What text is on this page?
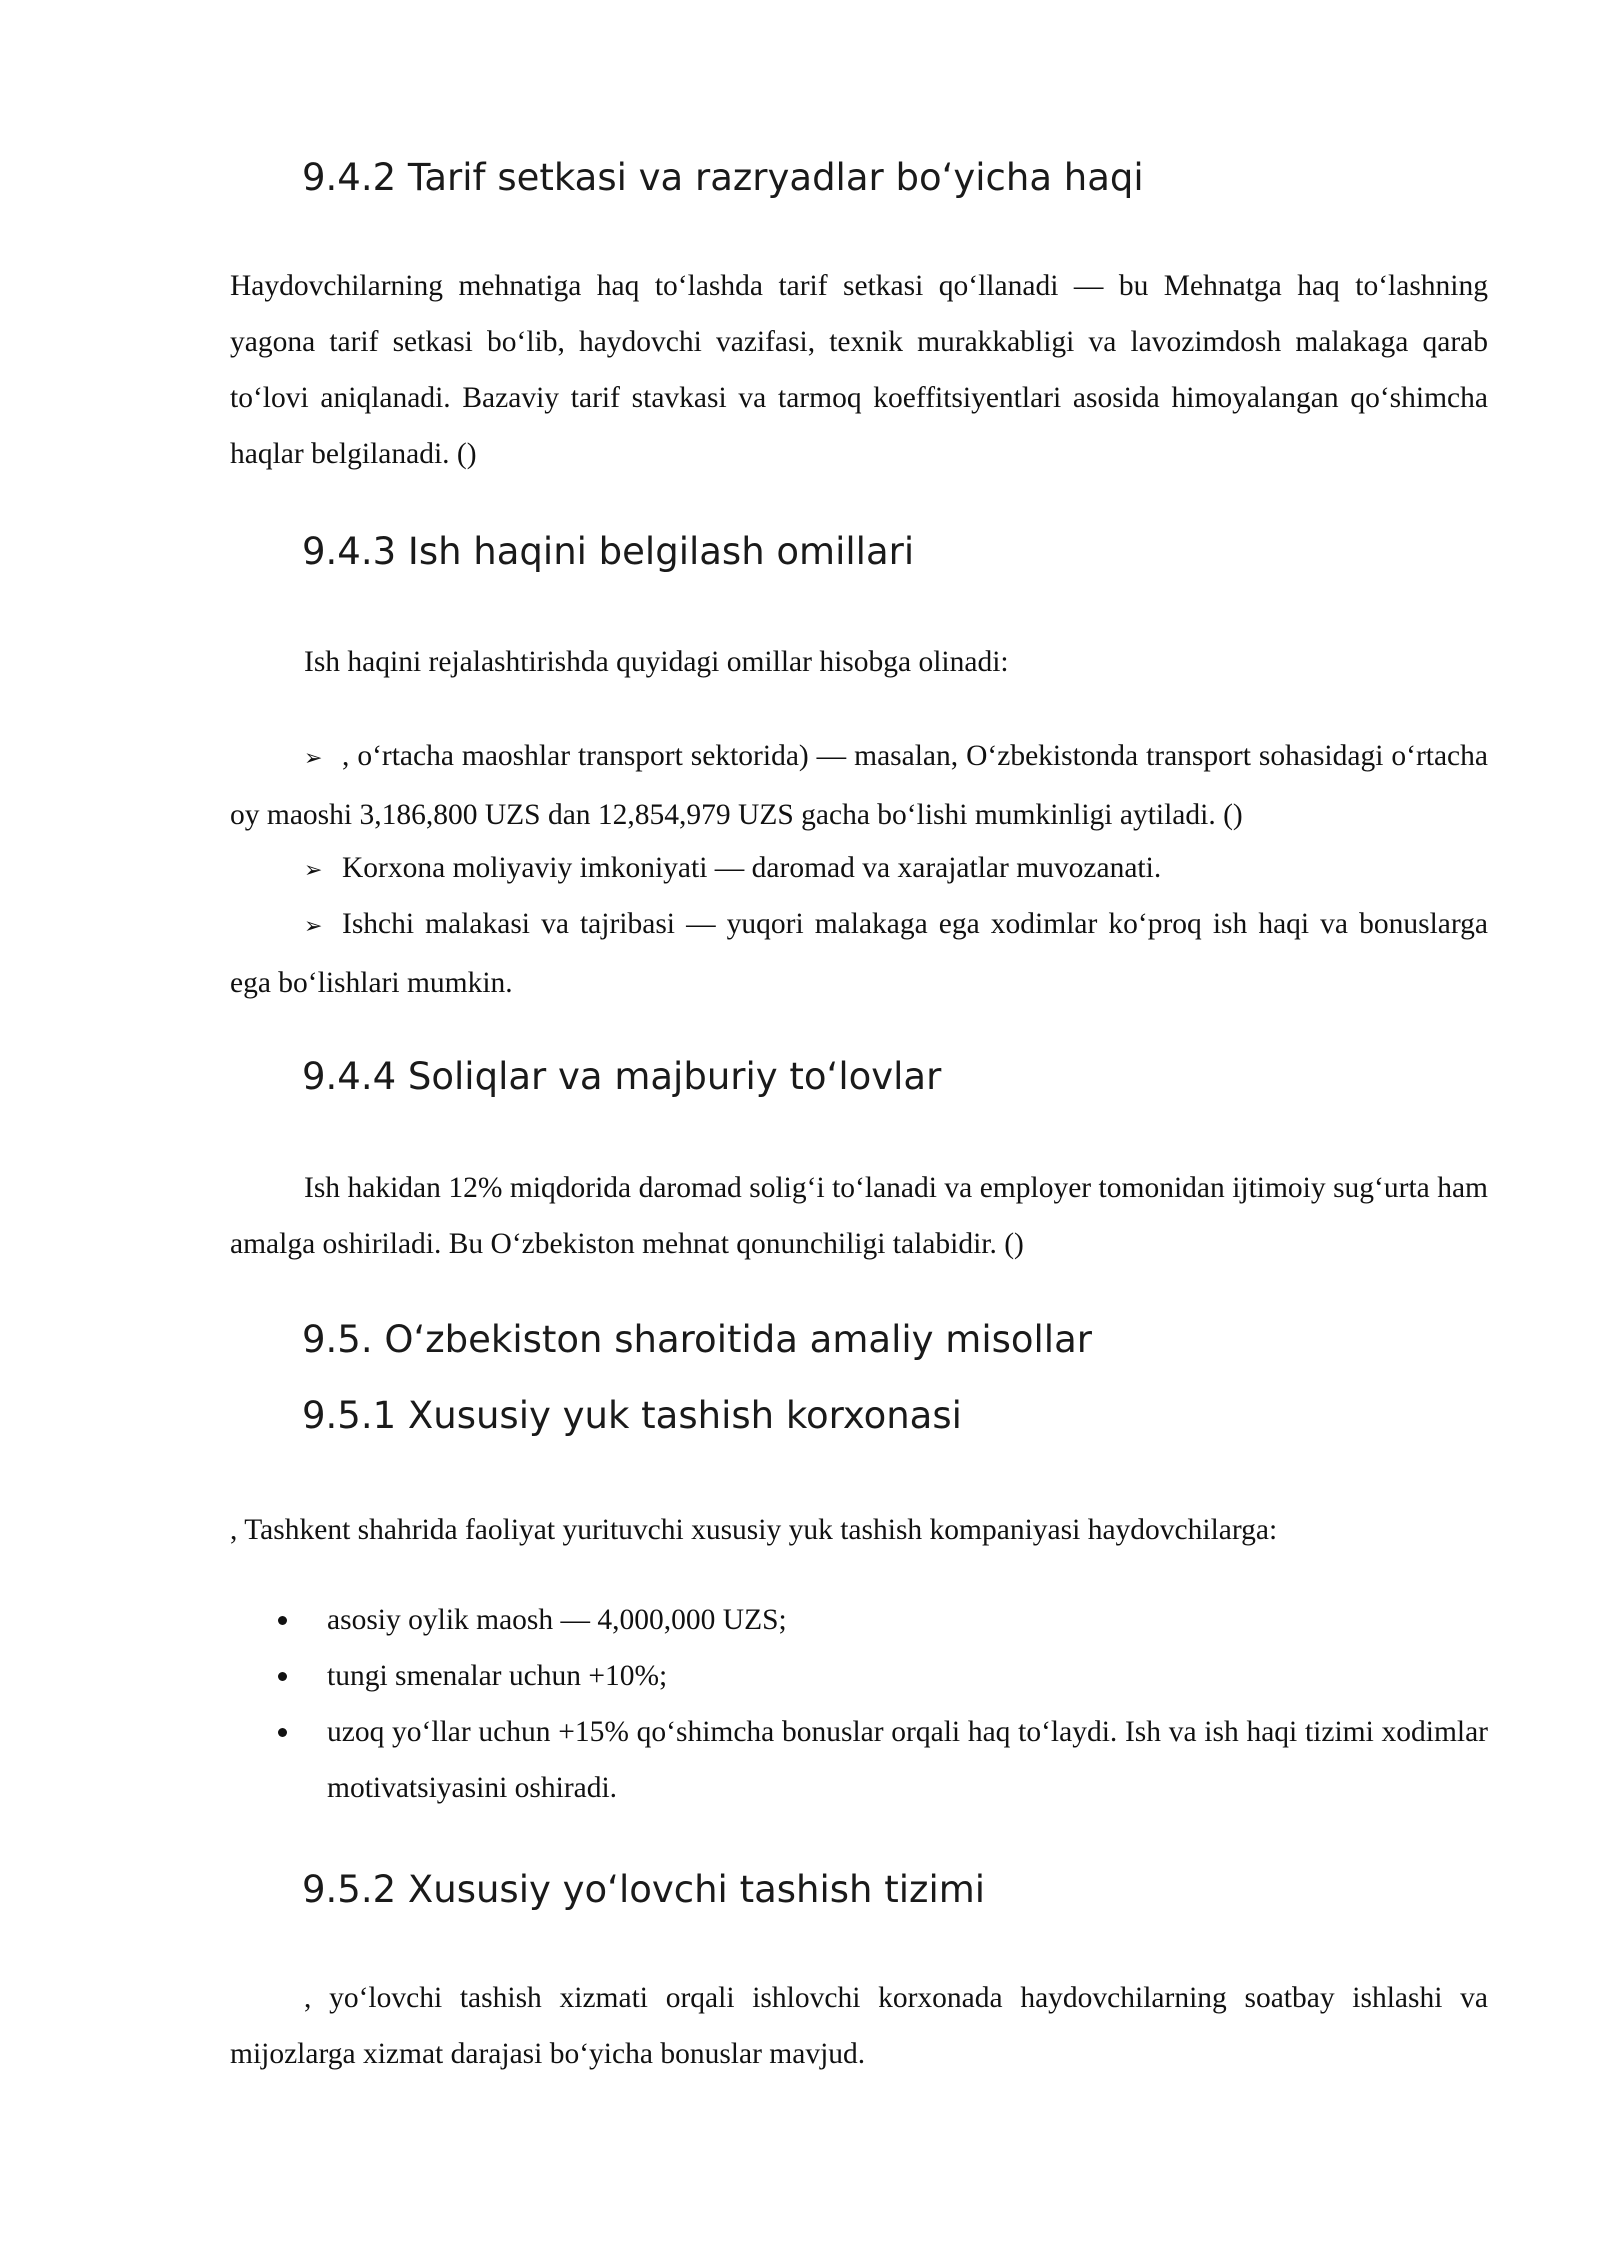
9.4.2 Tarif setkasi va razryadlar bo‘yicha haqi

Haydovchilarning mehnatiga haq to‘lashda tarif setkasi qo‘llanadi — bu Mehnatga haq to‘lashning yagona tarif setkasi bo‘lib, haydovchi vazifasi, texnik murakkabligi va lavozimdosh malakaga qarab to‘lovi aniqlanadi. Bazaviy tarif stavkasi va tarmoq koeffitsiyentlari asosida himoyalangan qo‘shimcha haqlar belgilanadi. ()

9.4.3 Ish haqini belgilash omillari

Ish haqini rejalashtirishda quyidagi omillar hisobga olinadi:

➢ , o‘rtacha maoshlar transport sektorida) — masalan, O‘zbekistonda transport sohasidagi o‘rtacha oy maoshi 3,186,800 UZS dan 12,854,979 UZS gacha bo‘lishi mumkinligi aytiladi. ()

➢ Korxona moliyaviy imkoniyati — daromad va xarajatlar muvozanati.

➢ Ishchi malakasi va tajribasi — yuqori malakaga ega xodimlar ko‘proq ish haqi va bonuslarga ega bo‘lishlari mumkin.

9.4.4 Soliqlar va majburiy to‘lovlar

Ish hakidan 12% miqdorida daromad solig‘i to‘lanadi va employer tomonidan ijtimoiy sug‘urta ham amalga oshiriladi. Bu O‘zbekiston mehnat qonunchiligi talabidir. ()

9.5. O‘zbekiston sharoitida amaliy misollar
9.5.1 Xususiy yuk tashish korxonasi

, Tashkent shahrida faoliyat yurituvchi xususiy yuk tashish kompaniyasi haydovchilarga:

asosiy oylik maosh — 4,000,000 UZS;
tungi smenalar uchun +10%;
uzoq yo‘llar uchun +15% qo‘shimcha bonuslar orqali haq to‘laydi. Ish va ish haqi tizimi xodimlar motivatsiyasini oshiradi.
9.5.2 Xususiy yo‘lovchi tashish tizimi

, yo‘lovchi tashish xizmati orqali ishlovchi korxonada haydovchilarning soatbay ishlashi va mijozlarga xizmat darajasi bo‘yicha bonuslar mavjud.
